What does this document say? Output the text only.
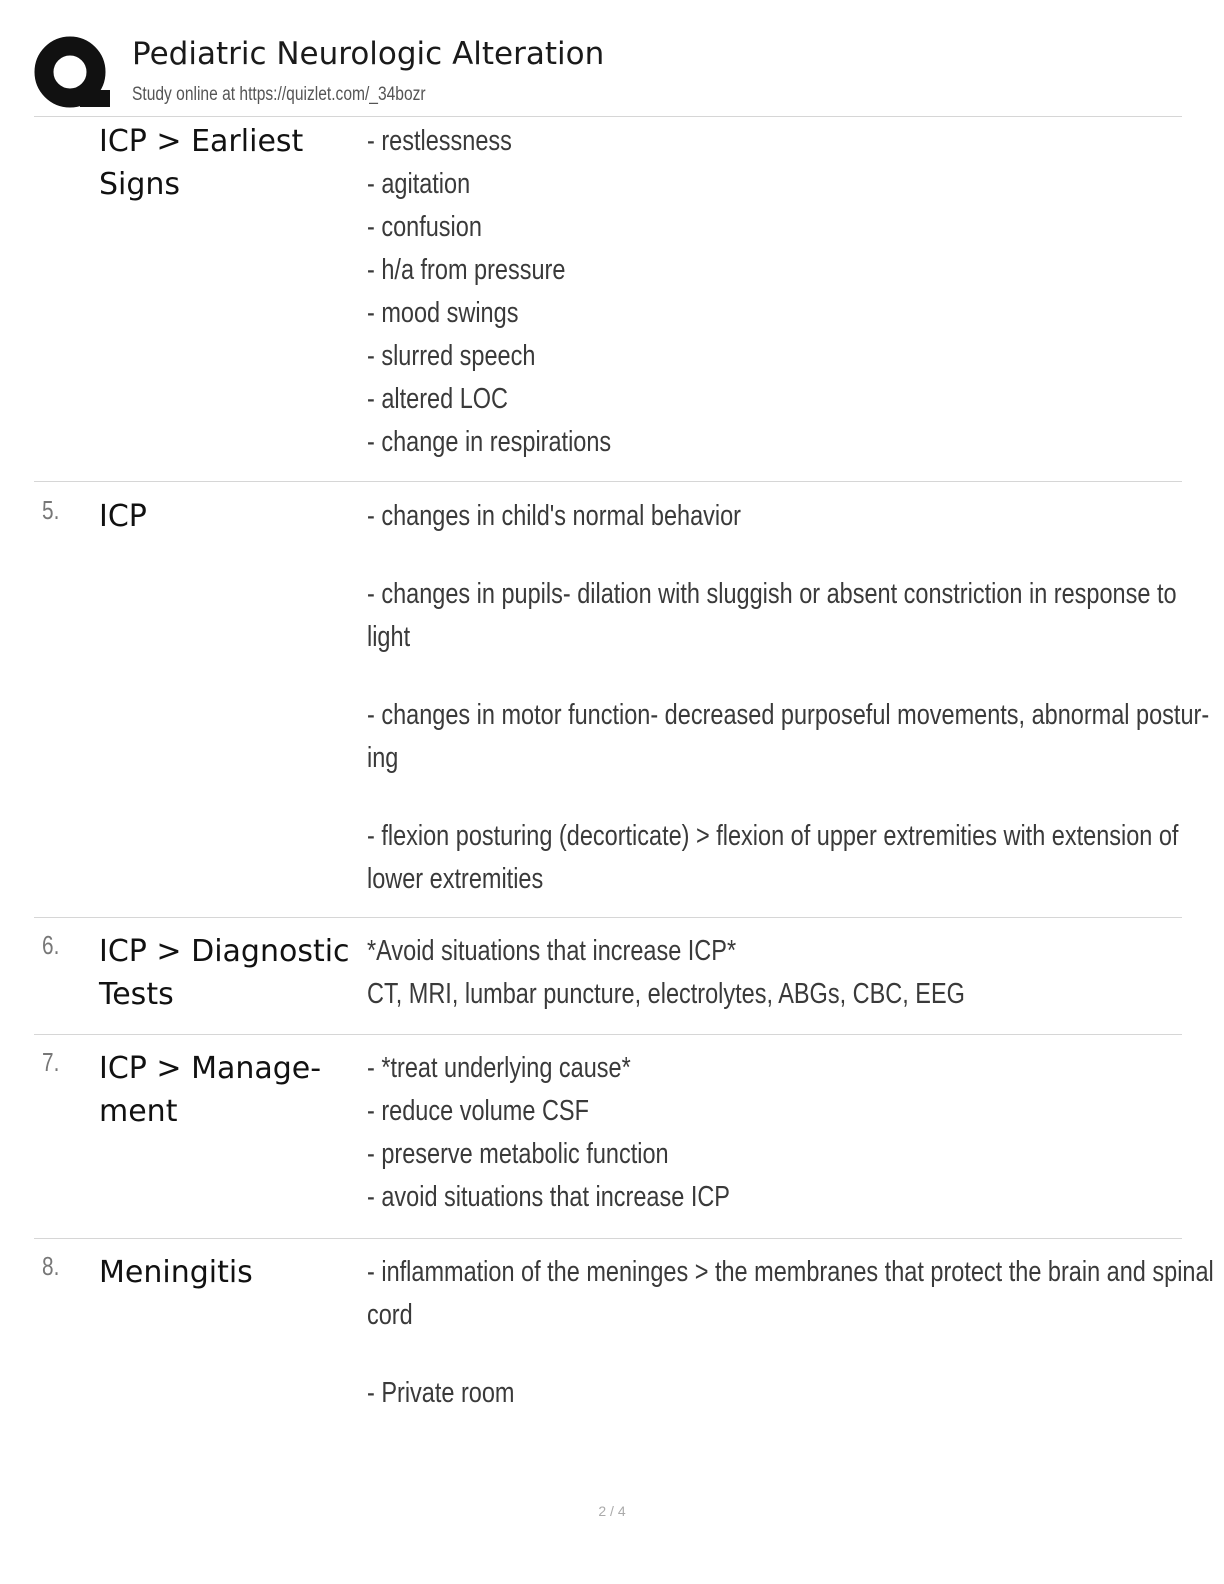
Pediatric Neurologic Alteration
Study online at https://quizlet.com/_34bozr
ICP > Earliest
Signs
- restlessness
- agitation
- confusion
- h/a from pressure
- mood swings
- slurred speech
- altered LOC
- change in respirations
5. ICP	- changes in child's normal behavior
- changes in pupils- dilation with sluggish or absent constriction in response to
light
- changes in motor function- decreased purposeful movements, abnormal postur-
ing
- flexion posturing (decorticate) > flexion of upper extremities with extension of
lower extremities
6. ICP > Diagnostic
Tests
*Avoid situations that increase ICP*
CT, MRI, lumbar puncture, electrolytes, ABGs, CBC, EEG
7. ICP > Manage-
ment
- *treat underlying cause*
- reduce volume CSF
- preserve metabolic function
- avoid situations that increase ICP
8. Meningitis	- inflammation of the meninges > the membranes that protect the brain and spinal
cord
- Private room
2 / 4
